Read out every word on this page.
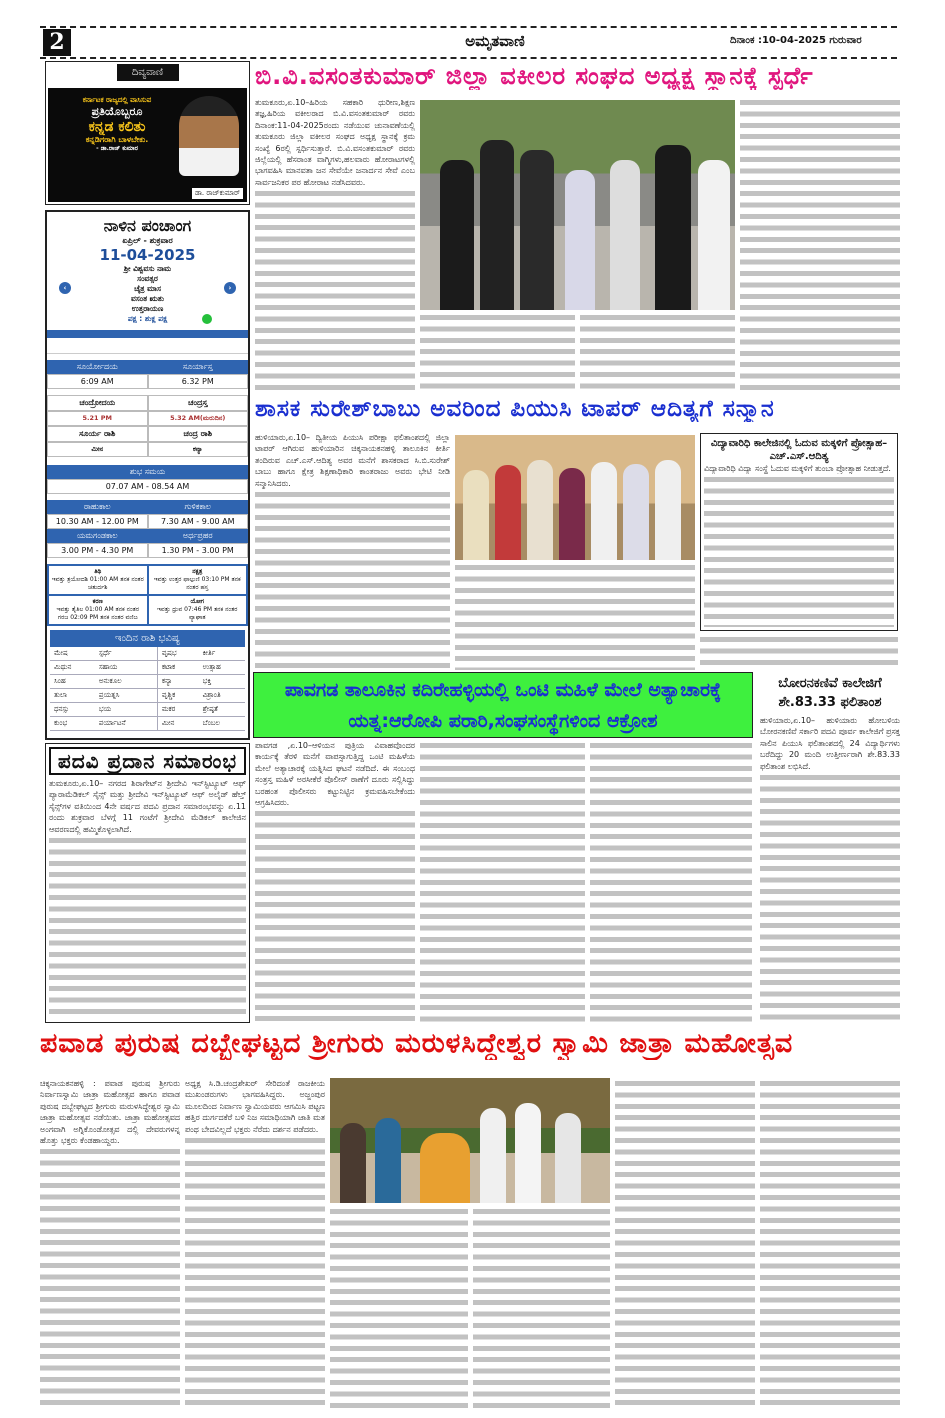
2	ಅಮೃತವಾಣಿ	ದಿನಾಂಕ :10-04-2025 ಗುರುವಾರ
ದಿವ್ಯವಾಣಿ
ಕರ್ನಾಟಕ ರಾಜ್ಯದಲ್ಲಿ ವಾಸಿಸುವ
ಪ್ರತಿಯೊಬ್ಬರೂ
ಕನ್ನಡ ಕಲಿತು
ಕನ್ನಡಿಗರಾಗಿ ಬಾಳಬೇಕು.
- ಡಾ.ರಾಜ್ ಕುಮಾರ
ಡಾ. ರಾಜ್‌ಕುಮಾರ್
ನಾಳಿನ ಪಂಚಾಂಗ
ಏಪ್ರಿಲ್ - ಶುಕ್ರವಾರ
11-04-2025
‹	›
ಶ್ರೀ ವಿಶ್ವವಸು ನಾಮ
ಸಂವತ್ಸರ
ಚೈತ್ರ ಮಾಸ
ವಸಂತ ಋತು
ಉತ್ತರಾಯಣ
ಪಕ್ಷ : ಶುಕ್ಲ ಪಕ್ಷ
ಸೂರ್ಯೋದಯ	ಸೂರ್ಯಾಸ್ತ
6:09 AM	6.32 PM
ಚಂದ್ರೋದಯ	ಚಂದ್ರಸ್ತ
5.21 PM	5.32 AM(ಮರುದಿನ)
ಸೂರ್ಯ ರಾಶಿ	ಚಂದ್ರ ರಾಶಿ
ಮೀನ	ಕನ್ಯಾ
ಶುಭ ಸಮಯ
07.07 AM - 08.54 AM
ರಾಹುಕಾಲ	ಗುಳಿಕಕಾಲ
10.30 AM - 12.00 PM	7.30 AM - 9.00 AM
ಯಮಗಂಡಕಾಲ	ಅರ್ಧಪ್ರಹರ
3.00 PM - 4.30 PM	1.30 PM - 3.00 PM
ತಿಥಿ
ಇವತ್ತು ತ್ರಯೋದಶಿ 01:00 AM ತನಕ ನಂತರ ಚತುರ್ದಶಿ
ನಕ್ಷತ್ರ
ಇವತ್ತು ಉತ್ತರ ಫಾಲ್ಗುಣಿ 03:10 PM ತನಕ ನಂತರ ಹಸ್ತ
ಕರಣ
ಇವತ್ತು ತೈತಿಲ 01:00 AM ತನಕ ನಂತರ ಗರಜ 02:09 PM ತನಕ ನಂತರ ವಣಿಜ
ಯೋಗ
ಇವತ್ತು ಧ್ರುವ 07:46 PM ತನಕ ನಂತರ ವ್ಯಾಘಾತ
ಇಂದಿನ ರಾಶಿ ಭವಿಷ್ಯ
ಮೇಷ	ಸ್ಪರ್ಧೆ	ವೃಷಭ	ಕೀರ್ತಿ
ಮಿಥುನ	ಸಹಾಯ	ಕಟಾಕ	ಉತ್ಸಾಹ
ಸಿಂಹ	ಅನುಕೂಲ	ಕನ್ಯಾ	ಭಕ್ತಿ
ತುಲಾ	ಪ್ರಯತ್ನಸಿ	ವೃಶ್ಚಿಕ	ವಿಶ್ರಾಂತಿ
ಧನಸ್ಸು	ಭಯ	ಮಕರ	ಶ್ರೇಷ್ಠತೆ
ಕುಂಭ	ಪರ್ಯಾಟನೆ	ಮೀನ	ಬೆಂಬಲ
ಪದವಿ ಪ್ರದಾನ ಸಮಾರಂಭ
ತುಮಕೂರು,ಏ.10– ನಗರದ ಶಿರಾಗೇಟ್‌ನ ಶ್ರೀದೇವಿ ಇನ್‌ಸ್ಟಿಟ್ಯೂಟ್ ಆಫ್ ಪ್ಯಾರಾಮೆಡಿಕಲ್ ಸೈನ್ಸ್ ಮತ್ತು ಶ್ರೀದೇವಿ ಇನ್‌ಸ್ಟಿಟ್ಯೂಟ್ ಆಫ್ ಅಲೈಡ್ ಹೆಲ್ತ್ ಸೈನ್ಸ್‌ಗಳ ವತಿಯಿಂದ 4ನೇ ವರ್ಷದ ಪದವಿ ಪ್ರದಾನ ಸಮಾರಂಭವನ್ನು ಏ.11 ರಂದು ಶುಕ್ರವಾರ ಬೆಳಗ್ಗೆ 11 ಗಂಟೆಗೆ ಶ್ರೀದೇವಿ ಮೆಡಿಕಲ್ ಕಾಲೇಜಿನ ಆವರಣದಲ್ಲಿ ಹಮ್ಮಿಕೊಳ್ಳಲಾಗಿದೆ.
ಬಿ.ವಿ.ವಸಂತಕುಮಾರ್ ಜಿಲ್ಲಾ ವಕೀಲರ ಸಂಘದ ಅಧ್ಯಕ್ಷ ಸ್ಥಾನಕ್ಕೆ ಸ್ಪರ್ಧೆ
ತುಮಕೂರು,ಏ.10–ಹಿರಿಯ ಸಹಕಾರಿ ಧುರೀಣ,ಶಿಕ್ಷಣ ತಜ್ಞ,ಹಿರಿಯ ವಕೀಲರಾದ ಬಿ.ವಿ.ವಸಂತಕುಮಾರ್ ರವರು ದಿನಾಂಕ:11-04-2025ರಂದು ನಡೆಯುವ ಚುನಾವಣೆಯಲ್ಲಿ ತುಮಕೂರು ಜಿಲ್ಲಾ ವಕೀಲರ ಸಂಘದ ಅಧ್ಯಕ್ಷ ಸ್ಥಾನಕ್ಕೆ ಕ್ರಮ ಸಂಖ್ಯೆ 6ರಲ್ಲಿ ಸ್ಪರ್ಧಿಸುತ್ತಾರೆ. ಬಿ.ವಿ.ವಸಂತಕುಮಾರ್ ರವರು ಜಿಲ್ಲೆಯಲ್ಲಿ ಹೆಸರಾಂತ ವಾಗ್ಮಿಗಳು,ಹಲವಾರು ಹೋರಾಟಗಳಲ್ಲಿ ಭಾಗವಹಿಸಿ ಮಾನವತಾ ಜನ ಸೇವೆಯೇ ಜನಾರ್ದನ ಸೇವೆ ಎಂಬ ಸಾರ್ವಜನಿಕರ ಪರ ಹೋರಾಟ ನಡೆಸಿದವರು.
ಶಾಸಕ ಸುರೇಶ್‌ಬಾಬು ಅವರಿಂದ ಪಿಯುಸಿ ಟಾಪರ್ ಆದಿತ್ಯಗೆ ಸನ್ಮಾನ
ಹುಳಿಯಾರು,ಏ.10– ದ್ವಿತೀಯ ಪಿಯುಸಿ ಪರೀಕ್ಷಾ ಫಲಿತಾಂಶದಲ್ಲಿ ಜಿಲ್ಲಾ ಟಾಪರ್ ಆಗಿರುವ ಹುಳಿಯಾರಿನ ಚಿಕ್ಕನಾಯಕನಹಳ್ಳಿ ತಾಲೂಕಿನ ಕೀರ್ತಿ ತಂದಿರುವ ಎಚ್.ಎಸ್.ಆದಿತ್ಯ ಅವರ ಮನೆಗೆ ಶಾಸಕರಾದ ಸಿ.ಬಿ.ಸುರೇಶ್ ಬಾಬು ಹಾಗೂ ಕ್ಷೇತ್ರ ಶಿಕ್ಷಣಾಧಿಕಾರಿ ಕಾಂತರಾಜು ಅವರು ಭೇಟಿ ನೀಡಿ ಸನ್ಮಾನಿಸಿದರು.
ವಿದ್ಯಾವಾರಿಧಿ ಕಾಲೇಜಿನಲ್ಲಿ ಓದುವ ಮಕ್ಕಳಿಗೆ ಪ್ರೋತ್ಸಾಹ–ಎಚ್.ಎಸ್.ಆದಿತ್ಯ
ವಿದ್ಯಾವಾರಿಧಿ ವಿದ್ಯಾ ಸಂಸ್ಥೆ ಓದುವ ಮಕ್ಕಳಿಗೆ ತುಂಬಾ ಪ್ರೋತ್ಸಾಹ ನೀಡುತ್ತದೆ.
ಪಾವಗಡ ತಾಲೂಕಿನ ಕದಿರೇಹಳ್ಳಿಯಲ್ಲಿ ಒಂಟಿ ಮಹಿಳೆ ಮೇಲೆ ಅತ್ಯಾಚಾರಕ್ಕೆ ಯತ್ನ:ಆರೋಪಿ ಪರಾರಿ,ಸಂಘಸಂಸ್ಥೆಗಳಿಂದ ಆಕ್ರೋಶ
ಪಾವಗಡ ,ಏ.10–ಆಳಿಯನ ಪುತ್ರಿಯ ವಿವಾಹವೊಂದರ ಕಾರ್ಯಕ್ಕೆ ತೆರಳಿ ಮನೆಗೆ ವಾಪಸ್ಸಾಗುತ್ತಿದ್ದ ಒಂಟಿ ಮಹಿಳೆಯ ಮೇಲೆ ಅತ್ಯಾಚಾರಕ್ಕೆ ಯತ್ನಿಸಿದ ಘಟನೆ ನಡೆದಿದೆ. ಈ ಸಂಬಂಧ ಸಂತ್ರಸ್ತ ಮಹಿಳೆ ಅರಸೀಕೆರೆ ಪೊಲೀಸ್ ಠಾಣೆಗೆ ದೂರು ಸಲ್ಲಿಸಿದ್ದು ಬರಹಂತ ಪೊಲೀಸರು ಕಟ್ಟುನಿಟ್ಟಿನ ಕ್ರಮವಹಿಸಬೇಕೆಂದು ಆಗ್ರಹಿಸಿದರು.
ಬೋರನಕಣಿವೆ ಕಾಲೇಜಿಗೆ ಶೇ.83.33 ಫಲಿತಾಂಶ
ಹುಳಿಯಾರು,ಏ.10– ಹುಳಿಯಾರು ಹೋಬಳಿಯ ಬೋರನಕಣಿವೆ ಸರ್ಕಾರಿ ಪದವಿ ಪೂರ್ವ ಕಾಲೇಜಿಗೆ ಪ್ರಸಕ್ತ ಸಾಲಿನ ಪಿಯುಸಿ ಫಲಿತಾಂಶದಲ್ಲಿ 24 ವಿದ್ಯಾರ್ಥಿಗಳು ಬರೆದಿದ್ದು 20 ಮಂದಿ ಉತ್ತೀರ್ಣರಾಗಿ ಶೇ.83.33 ಫಲಿತಾಂಶ ಲಭಿಸಿದೆ.
ಪವಾಡ ಪುರುಷ ದಬ್ಬೇಘಟ್ಟದ ಶ್ರೀಗುರು ಮರುಳಸಿದ್ಧೇಶ್ವರ ಸ್ವಾಮಿ ಜಾತ್ರಾ ಮಹೋತ್ಸವ
ಚಿಕ್ಕನಾಯಕನಹಳ್ಳಿ : ಪವಾಡ ಪುರುಷ ಶ್ರೀಗುರು ನಿರ್ವಾಣಸ್ವಾಮಿ ಜಾತ್ರಾ ಮಹೋತ್ಸವ ಹಾಗೂ ಪವಾಡ ಪುರುಷ ದಬ್ಬೇಘಟ್ಟದ ಶ್ರೀಗುರು ಮರುಳಸಿದ್ಧೇಶ್ವರ ಸ್ವಾಮಿ ಜಾತ್ರಾ ಮಹೋತ್ಸವ ನಡೆಯಿತು. ಜಾತ್ರಾ ಮಹೋತ್ಸವದ ಅಂಗವಾಗಿ ಅಗ್ನಿಕೊಂಡೋತ್ಸವ ದಲ್ಲಿ ದೇವರುಗಳನ್ನ ಹೊತ್ತು ಭಕ್ತರು ಕೆಂಡಹಾಯ್ದರು.
ಅಧ್ಯಕ್ಷ ಸಿ.ಡಿ.ಚಂದ್ರಶೇಖರ್ ಸೇರಿದಂತೆ ರಾಜಕೀಯ ಮುಖಂಡರುಗಳು ಭಾಗವಹಿಸಿದ್ದರು. ಅಜ್ಜಂಪುರ ಮೂಲದಿಂದ ನಿರ್ವಾಣ ಸ್ವಾಮಿಯವರು ಆಗಮಿಸಿ ಪಟ್ಟಣ ಹತ್ತಿರ ದುರ್ಗದಕೆರೆ ಬಳಿ ನಿಜ ಸಮಾಧಿಯಾಗಿ ಜಾತಿ ಮತ ಪಂಥ ಬೇದವಿಲ್ಲದೆ ಭಕ್ತರು ನೆರೆದು ದರ್ಶನ ಪಡೆದರು.
